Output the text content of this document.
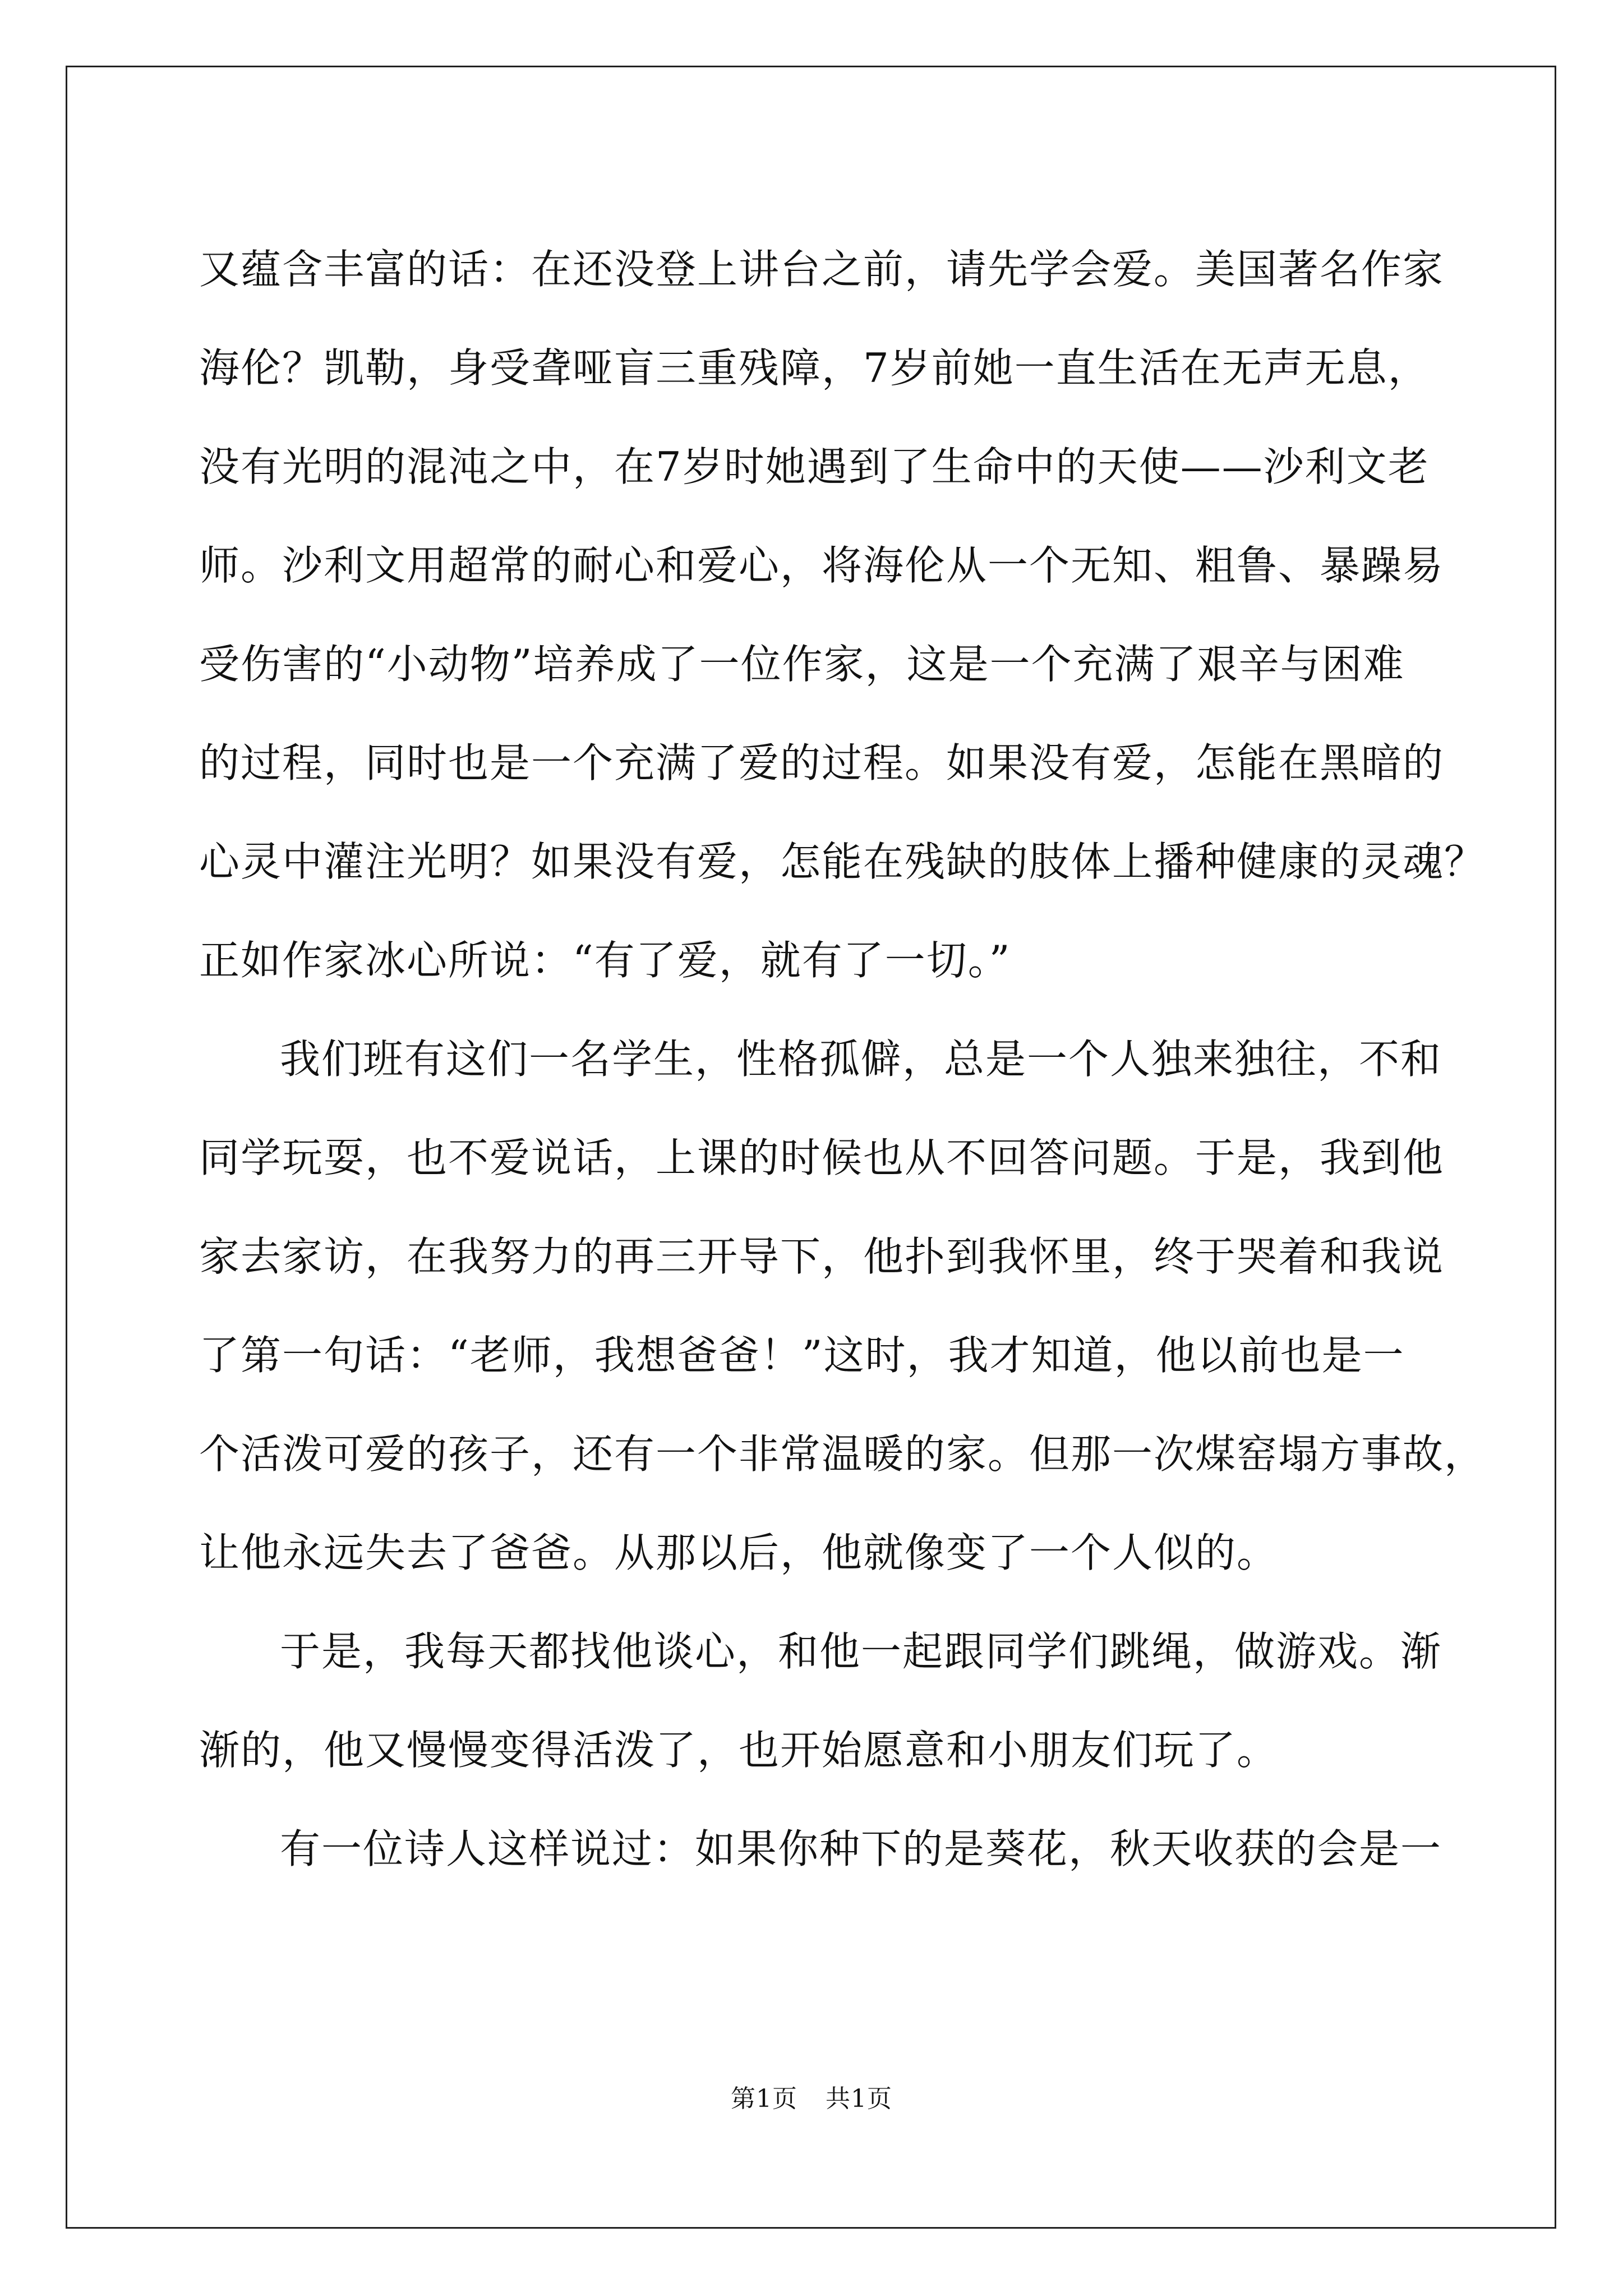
又蕴含丰富的话：在还没登上讲台之前，请先学会爱。美国著名作家
海伦？凯勒，身受聋哑盲三重残障，7岁前她一直生活在无声无息，
没有光明的混沌之中，在7岁时她遇到了生命中的天使——沙利文老
师。沙利文用超常的耐心和爱心，将海伦从一个无知、粗鲁、暴躁易
受伤害的“小动物”培养成了一位作家，这是一个充满了艰辛与困难
的过程，同时也是一个充满了爱的过程。如果没有爱，怎能在黑暗的
心灵中灌注光明？如果没有爱，怎能在残缺的肢体上播种健康的灵魂？
正如作家冰心所说：“有了爱，就有了一切。”
我们班有这们一名学生，性格孤僻，总是一个人独来独往，不和
同学玩耍，也不爱说话，上课的时候也从不回答问题。于是，我到他
家去家访，在我努力的再三开导下，他扑到我怀里，终于哭着和我说
了第一句话：“老师，我想爸爸！”这时，我才知道，他以前也是一
个活泼可爱的孩子，还有一个非常温暖的家。但那一次煤窑塌方事故，
让他永远失去了爸爸。从那以后，他就像变了一个人似的。
于是，我每天都找他谈心，和他一起跟同学们跳绳，做游戏。渐
渐的，他又慢慢变得活泼了，也开始愿意和小朋友们玩了。
有一位诗人这样说过：如果你种下的是葵花，秋天收获的会是一
第1页 共1页
